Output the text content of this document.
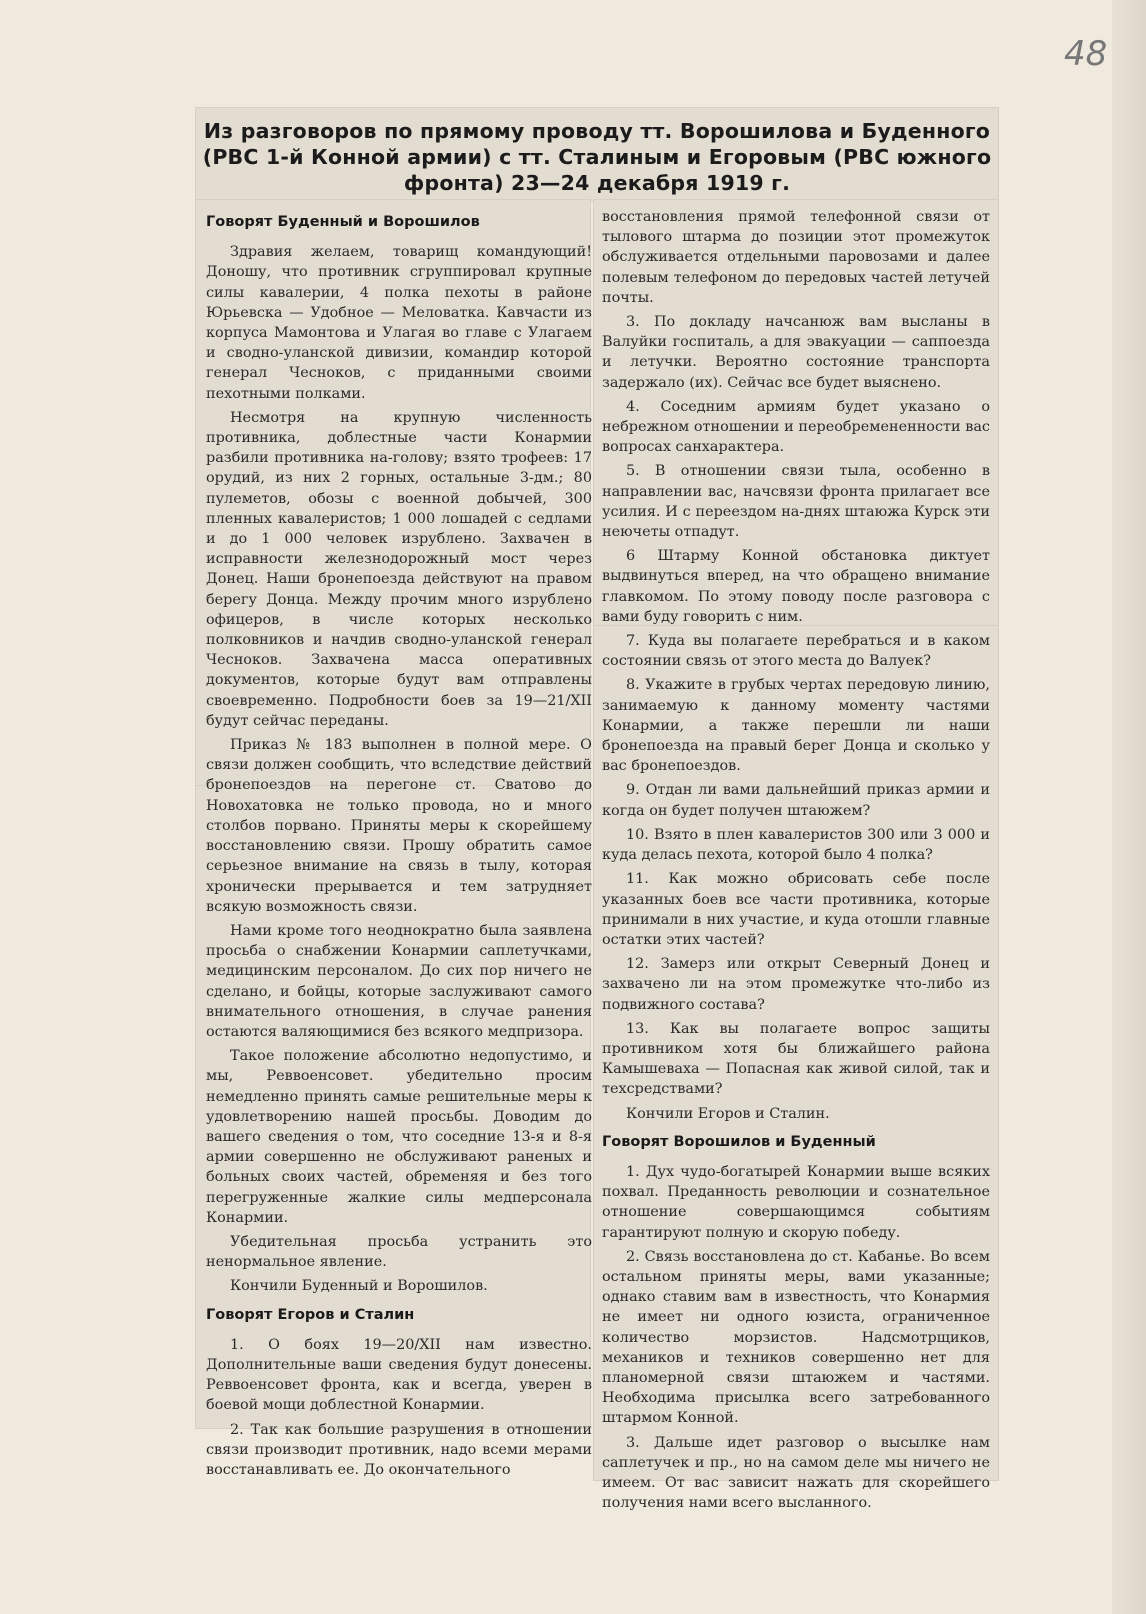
48
Из разговоров по прямому проводу тт. Ворошилова и Буденного (РВС 1-й Конной армии) с тт. Сталиным и Егоровым (РВС южного фронта) 23—24 декабря 1919 г.
Говорят Буденный и Ворошилов

Здравия желаем, товарищ командующий! Доношу, что противник сгруппировал крупные силы кавалерии, 4 полка пехоты в районе Юрьевска — Удобное — Меловатка. Кавчасти из корпуса Мамонтова и Улагая во главе с Улагаем и сводно-уланской дивизии, командир которой генерал Чесноков, с приданными своими пехотными полками.

Несмотря на крупную численность противника, доблестные части Конармии разбили противника на-голову; взято трофеев: 17 орудий, из них 2 горных, остальные 3-дм.; 80 пулеметов, обозы с военной добычей, 300 пленных кавалеристов; 1 000 лошадей с седлами и до 1 000 человек изрублено. Захвачен в исправности железнодорожный мост через Донец. Наши бронепоезда действуют на правом берегу Донца. Между прочим много изрублено офицеров, в числе которых несколько полковников и начдив сводно-уланской генерал Чесноков. Захвачена масса оперативных документов, которые будут вам отправлены своевременно. Подробности боев за 19—21/XII будут сейчас переданы.

Приказ № 183 выполнен в полной мере. О связи должен сообщить, что вследствие действий бронепоездов на перегоне ст. Сватово до Новохатовка не только провода, но и много столбов порвано. Приняты меры к скорейшему восстановлению связи. Прошу обратить самое серьезное внимание на связь в тылу, которая хронически прерывается и тем затрудняет всякую возможность связи.

Нами кроме того неоднократно была заявлена просьба о снабжении Конармии саплетучками, медицинским персоналом. До сих пор ничего не сделано, и бойцы, которые заслуживают самого внимательного отношения, в случае ранения остаются валяющимися без всякого медпризора.

Такое положение абсолютно недопустимо, и мы, Реввоенсовет. убедительно просим немедленно принять самые решительные меры к удовлетворению нашей просьбы. Доводим до вашего сведения о том, что соседние 13-я и 8-я армии совершенно не обслуживают раненых и больных своих частей, обременяя и без того перегруженные жалкие силы медперсонала Конармии.

Убедительная просьба устранить это ненормальное явление.

Кончили Буденный и Ворошилов.

Говорят Егоров и Сталин

1. О боях 19—20/XII нам известно. Дополнительные ваши сведения будут донесены. Реввоенсовет фронта, как и всегда, уверен в боевой мощи доблестной Конармии.

2. Так как большие разрушения в отношении связи производит противник, надо всеми мерами восстанавливать ее. До окончательного

восстановления прямой телефонной связи от тылового штарма до позиции этот промежуток обслуживается отдельными паровозами и далее полевым телефоном до передовых частей летучей почты.

3. По докладу начсанюж вам высланы в Валуйки госпиталь, а для эвакуации — саппоезда и летучки. Вероятно состояние транспорта задержало (их). Сейчас все будет выяснено.

4. Соседним армиям будет указано о небрежном отношении и переобремененности вас вопросах санхарактера.

5. В отношении связи тыла, особенно в направлении вас, начсвязи фронта прилагает все усилия. И с переездом на-днях штаюжа Курск эти неючеты отпадут.

6 Штарму Конной обстановка диктует выдвинуться вперед, на что обращено внимание главкомом. По этому поводу после разговора с вами буду говорить с ним.

7. Куда вы полагаете перебраться и в каком состоянии связь от этого места до Валуек?

8. Укажите в грубых чертах передовую линию, занимаемую к данному моменту частями Конармии, а также перешли ли наши бронепоезда на правый берег Донца и сколько у вас бронепоездов.

9. Отдан ли вами дальнейший приказ армии и когда он будет получен штаюжем?

10. Взято в плен кавалеристов 300 или 3 000 и куда делась пехота, которой было 4 полка?

11. Как можно обрисовать себе после указанных боев все части противника, которые принимали в них участие, и куда отошли главные остатки этих частей?

12. Замерз или открыт Северный Донец и захвачено ли на этом промежутке что-либо из подвижного состава?

13. Как вы полагаете вопрос защиты противником хотя бы ближайшего района Камышеваха — Попасная как живой силой, так и техсредствами?

Кончили Егоров и Сталин.

Говорят Ворошилов и Буденный

1. Дух чудо-богатырей Конармии выше всяких похвал. Преданность революции и сознательное отношение совершающимся событиям гарантируют полную и скорую победу.

2. Связь восстановлена до ст. Кабанье. Во всем остальном приняты меры, вами указанные; однако ставим вам в известность, что Конармия не имеет ни одного юзиста, ограниченное количество морзистов. Надсмотрщиков, механиков и техников совершенно нет для планомерной связи штаюжем и частями. Необходима присылка всего затребованного штармом Конной.

3. Дальше идет разговор о высылке нам саплетучек и пр., но на самом деле мы ничего не имеем. От вас зависит нажать для скорейшего получения нами всего высланного.
